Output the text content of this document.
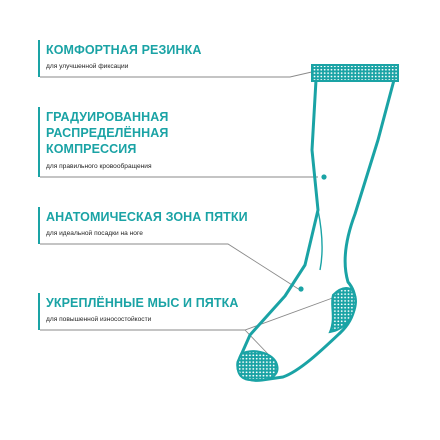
КОМФОРТНАЯ РЕЗИНКА

для улучшенной фиксации

ГРАДУИРОВАННАЯ
РАСПРЕДЕЛЁННАЯ
КОМПРЕССИЯ

для правильного кровообращения

АНАТОМИЧЕСКАЯ ЗОНА ПЯТКИ

для идеальной посадки на ноге

УКРЕПЛЁННЫЕ МЫС И ПЯТКА

для повышенной износостойкости
